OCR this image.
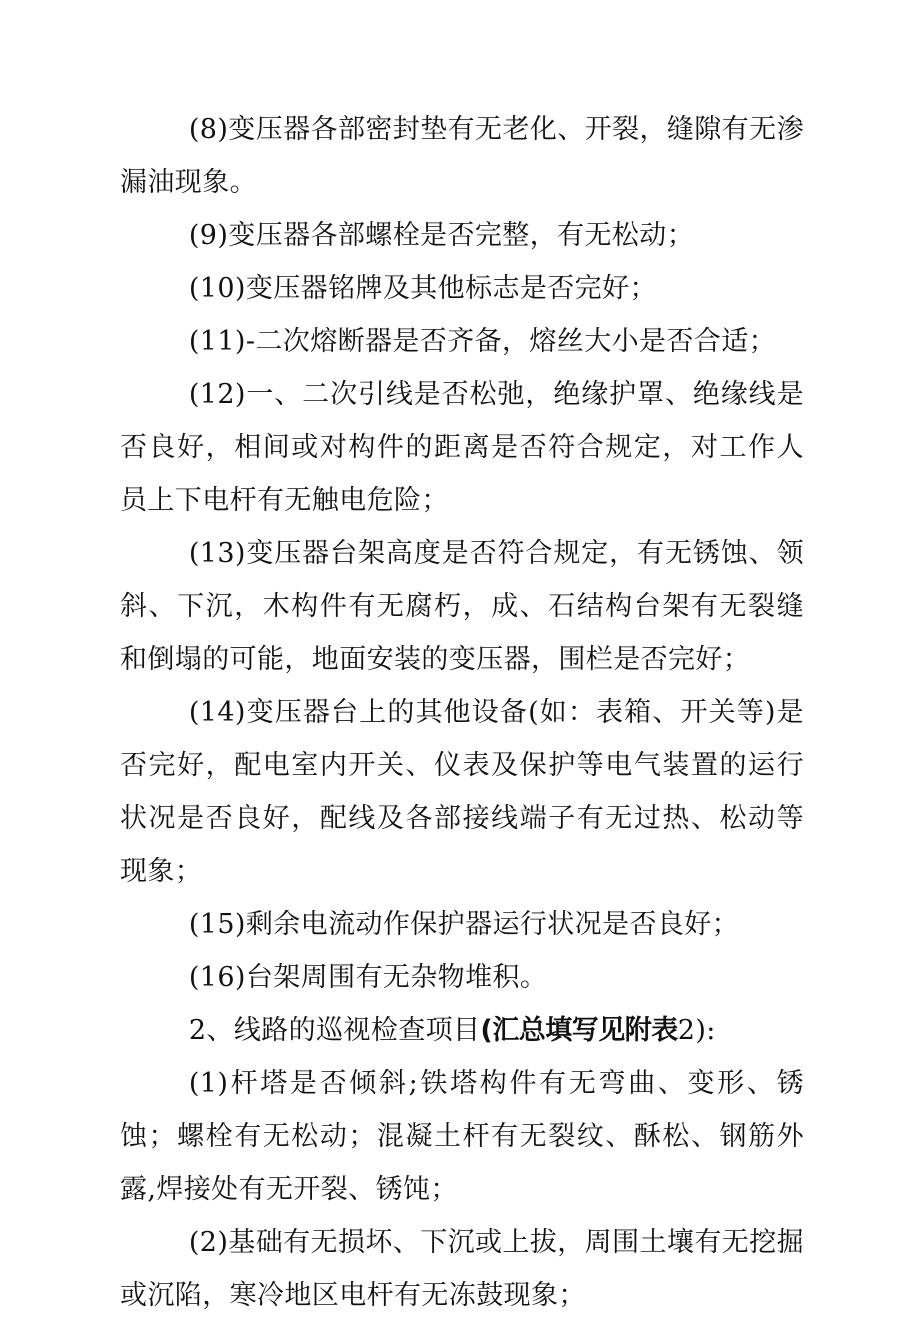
(8)变压器各部密封垫有无老化、开裂，缝隙有无渗漏油现象。

(9)变压器各部螺栓是否完整，有无松动；

(10)变压器铭牌及其他标志是否完好；

(11)-二次熔断器是否齐备，熔丝大小是否合适；

(12)一、二次引线是否松弛，绝缘护罩、绝缘线是否良好，相间或对构件的距离是否符合规定，对工作人员上下电杆有无触电危险；

(13)变压器台架高度是否符合规定，有无锈蚀、领斜、下沉，木构件有无腐朽，成、石结构台架有无裂缝和倒塌的可能，地面安装的变压器，围栏是否完好；

(14)变压器台上的其他设备(如：表箱、开关等)是否完好，配电室内开关、仪表及保护等电气装置的运行状况是否良好，配线及各部接线端子有无过热、松动等现象；

(15)剩余电流动作保护器运行状况是否良好；

(16)台架周围有无杂物堆积。

2、线路的巡视检查项目(汇总填写见附表2):

(1)杆塔是否倾斜;铁塔构件有无弯曲、变形、锈蚀；螺栓有无松动；混凝土杆有无裂纹、酥松、钢筋外露,焊接处有无开裂、锈饨；

(2)基础有无损坏、下沉或上拔，周围土壤有无挖掘或沉陷，寒冷地区电杆有无冻鼓现象；
